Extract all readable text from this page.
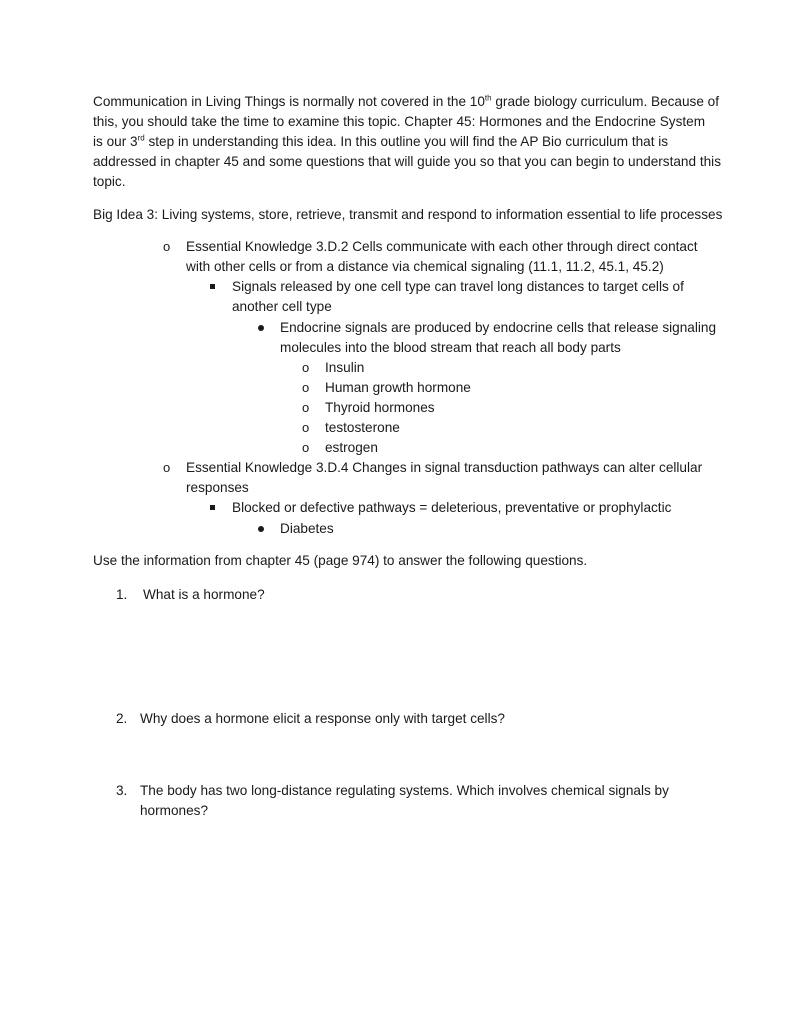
Communication in Living Things is normally not covered in the 10th grade biology curriculum. Because of
this, you should take the time to examine this topic. Chapter 45: Hormones and the Endocrine System
is our 3rd step in understanding this idea. In this outline you will find the AP Bio curriculum that is
addressed in chapter 45 and some questions that will guide you so that you can begin to understand this
topic.
Big Idea 3: Living systems, store, retrieve, transmit and respond to information essential to life processes
o Essential Knowledge 3.D.2 Cells communicate with each other through direct contact
with other cells or from a distance via chemical signaling (11.1, 11.2, 45.1, 45.2)
Signals released by one cell type can travel long distances to target cells of
another cell type
Endocrine signals are produced by endocrine cells that release signaling
molecules into the blood stream that reach all body parts
o Insulin
o Human growth hormone
o Thyroid hormones
o testosterone
o estrogen
o Essential Knowledge 3.D.4 Changes in signal transduction pathways can alter cellular
responses
Blocked or defective pathways = deleterious, preventative or prophylactic
Diabetes
Use the information from chapter 45 (page 974) to answer the following questions.
1. What is a hormone?
2. Why does a hormone elicit a response only with target cells?
3. The body has two long-distance regulating systems. Which involves chemical signals by
hormones?
